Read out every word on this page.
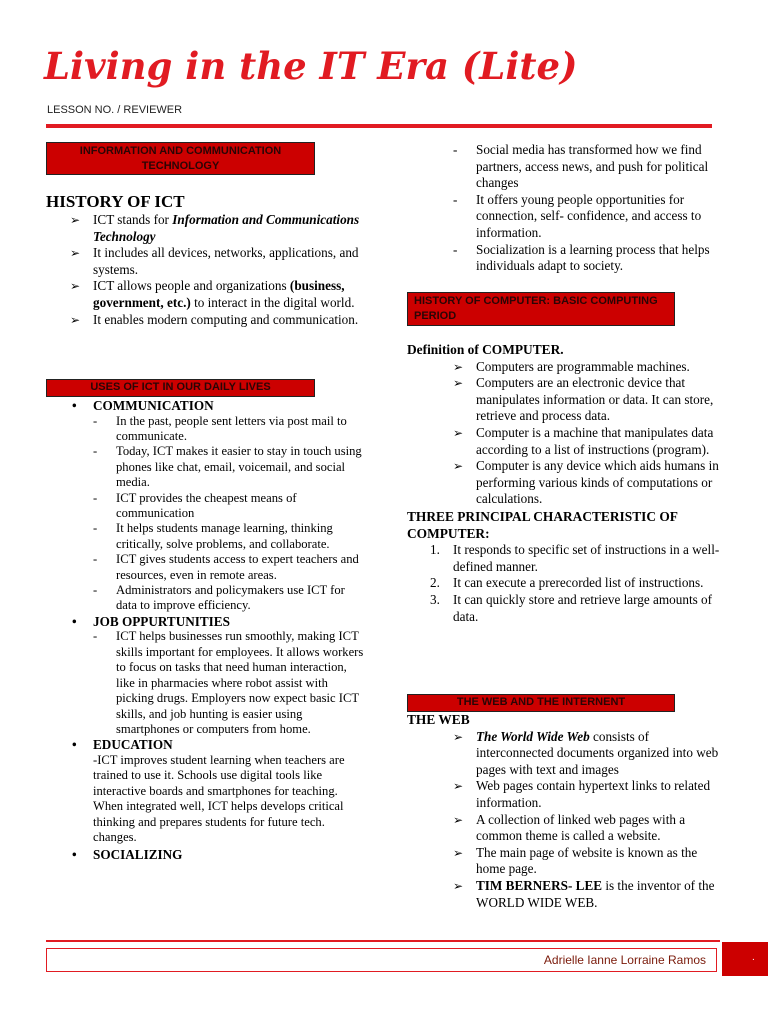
Living in the IT Era (Lite)
LESSON NO. / REVIEWER
INFORMATION AND COMMUNICATION TECHNOLOGY
HISTORY OF ICT
➢ ICT stands for Information and Communications Technology
➢ It includes all devices, networks, applications, and systems.
➢ ICT allows people and organizations (business, government, etc.) to interact in the digital world.
➢ It enables modern computing and communication.
USES OF ICT IN OUR DAILY LIVES
• COMMUNICATION
- In the past, people sent letters via post mail to communicate.
- Today, ICT makes it easier to stay in touch using phones like chat, email, voicemail, and social media.
- ICT provides the cheapest means of communication
- It helps students manage learning, thinking critically, solve problems, and collaborate.
- ICT gives students access to expert teachers and resources, even in remote areas.
- Administrators and policymakers use ICT for data to improve efficiency.
• JOB OPPURTUNITIES
- ICT helps businesses run smoothly, making ICT skills important for employees. It allows workers to focus on tasks that need human interaction, like in pharmacies where robot assist with picking drugs. Employers now expect basic ICT skills, and job hunting is easier using smartphones or computers from home.
• EDUCATION
-ICT improves student learning when teachers are trained to use it. Schools use digital tools like interactive boards and smartphones for teaching. When integrated well, ICT helps develops critical thinking and prepares students for future tech. changes.
• SOCIALIZING
- Social media has transformed how we find partners, access news, and push for political changes
- It offers young people opportunities for connection, self- confidence, and access to information.
- Socialization is a learning process that helps individuals adapt to society.
HISTORY OF COMPUTER: BASIC COMPUTING PERIOD
Definition of COMPUTER.
➢ Computers are programmable machines.
➢ Computers are an electronic device that manipulates information or data. It can store, retrieve and process data.
➢ Computer is a machine that manipulates data according to a list of instructions (program).
➢ Computer is any device which aids humans in performing various kinds of computations or calculations.
THREE PRINCIPAL CHARACTERISTIC OF COMPUTER:
1. It responds to specific set of instructions in a well-defined manner.
2. It can execute a prerecorded list of instructions.
3. It can quickly store and retrieve large amounts of data.
THE WEB AND THE INTERNENT
THE WEB
➢ The World Wide Web consists of interconnected documents organized into web pages with text and images
➢ Web pages contain hypertext links to related information.
➢ A collection of linked web pages with a common theme is called a website.
➢ The main page of website is known as the home page.
➢ TIM BERNERS- LEE is the inventor of the WORLD WIDE WEB.
Adrielle Ianne Lorraine Ramos	.
